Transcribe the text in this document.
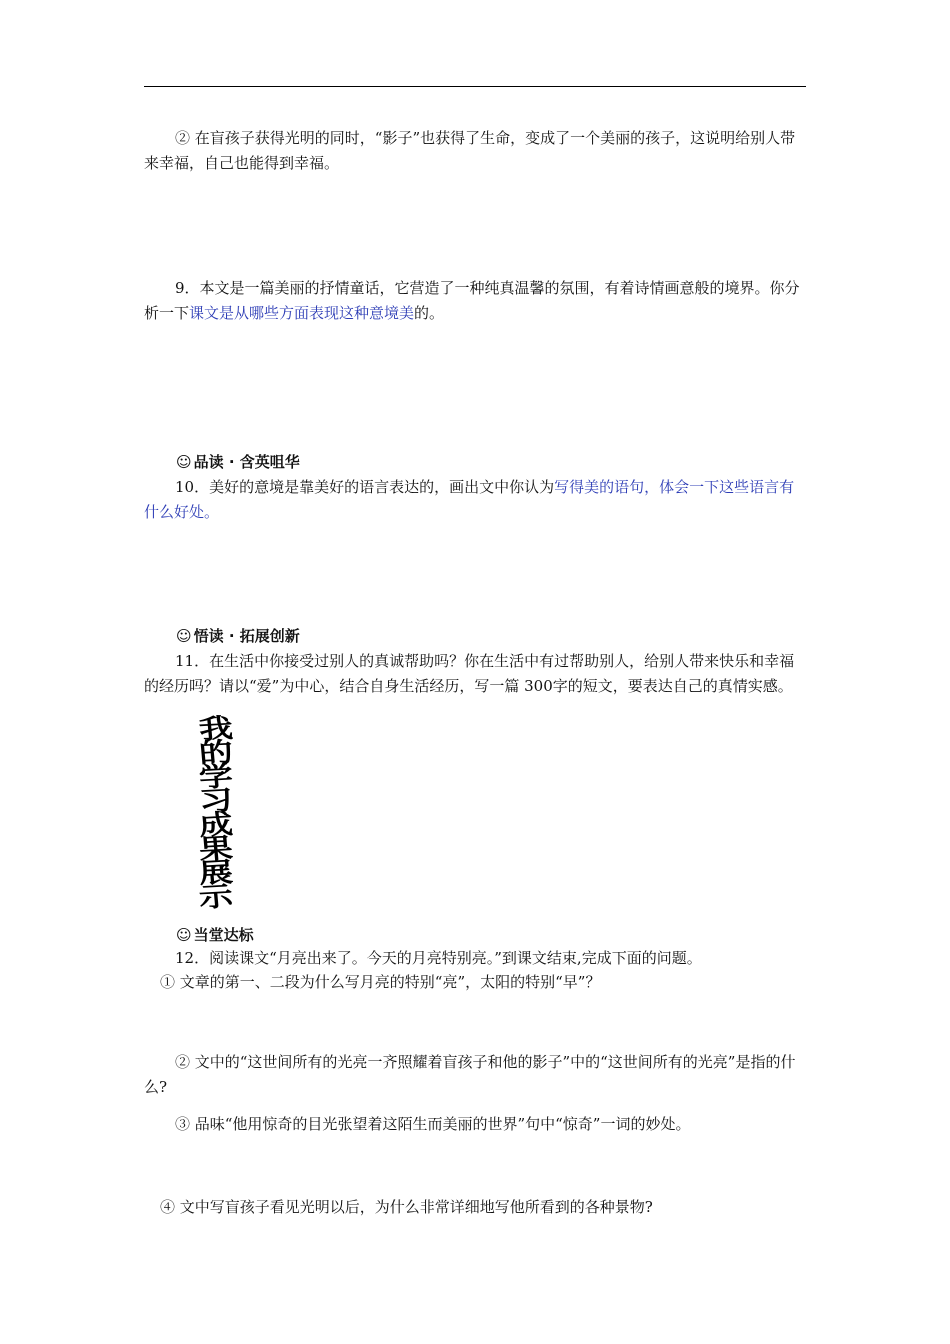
② 在盲孩子获得光明的同时，“影子”也获得了生命，变成了一个美丽的孩子，这说明给别人带来幸福，自己也能得到幸福。

9．本文是一篇美丽的抒情童话，它营造了一种纯真温馨的氛围，有着诗情画意般的境界。你分析一下课文是从哪些方面表现这种意境美的。

☺ 品读 · 含英咀华

10．美好的意境是靠美好的语言表达的，画出文中你认为写得美的语句，体会一下这些语言有什么好处。

☺ 悟读 · 拓展创新

11．在生活中你接受过别人的真诚帮助吗？你在生活中有过帮助别人，给别人带来快乐和幸福的经历吗？请以“爱”为中心，结合自身生活经历，写一篇 300字的短文，要表达自己的真情实感。

我
的
学
习
成
果
展
示
☺ 当堂达标

12．阅读课文“月亮出来了。今天的月亮特别亮。”到课文结束,完成下面的问题。

① 文章的第一、二段为什么写月亮的特别“亮”，太阳的特别“早”？

② 文中的“这世间所有的光亮一齐照耀着盲孩子和他的影子”中的“这世间所有的光亮”是指的什么?

③ 品味“他用惊奇的目光张望着这陌生而美丽的世界”句中“惊奇”一词的妙处。

④ 文中写盲孩子看见光明以后，为什么非常详细地写他所看到的各种景物?
